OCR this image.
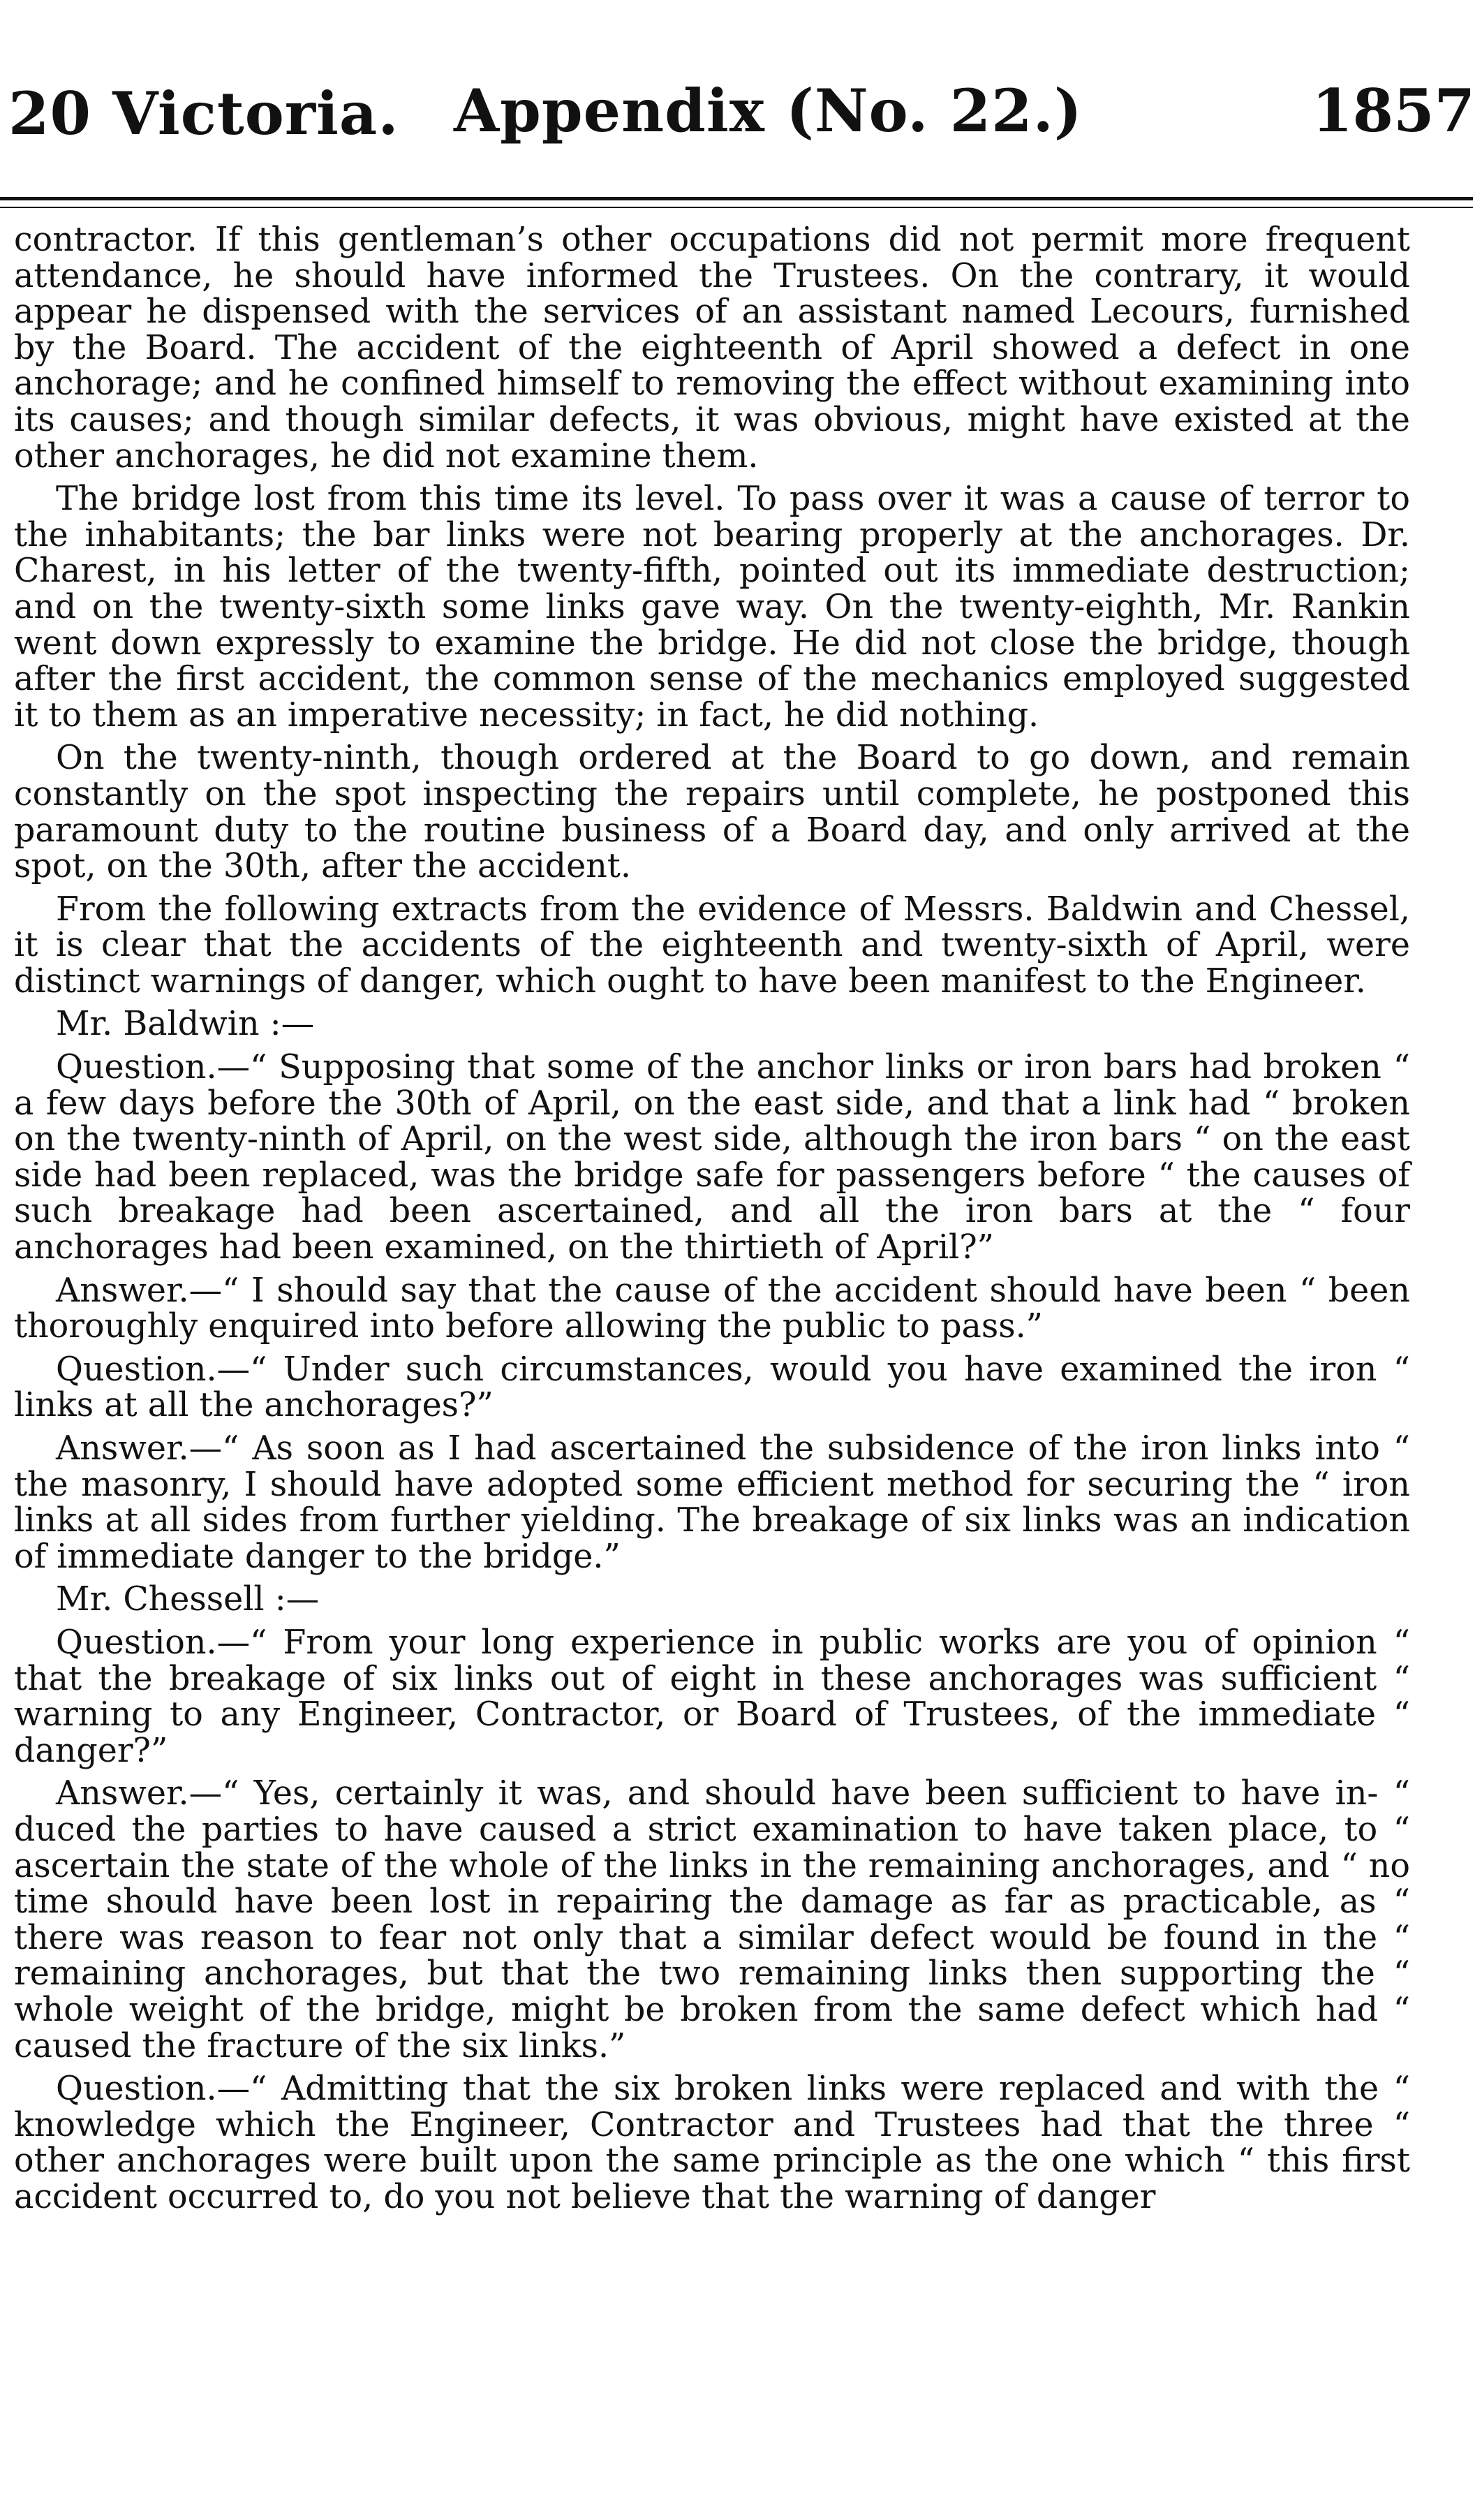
20 Victoria. Appendix (No. 22.)	1857

contractor. If this gentleman’s other occupations did not permit more frequent attendance, he should have informed the Trustees. On the contrary, it would appear he dispensed with the services of an assistant named Lecours, furnished by the Board. The accident of the eighteenth of April showed a defect in one anchorage; and he confined himself to removing the effect without examining into its causes; and though similar defects, it was obvious, might have existed at the other anchorages, he did not examine them.

The bridge lost from this time its level. To pass over it was a cause of terror to the inhabitants; the bar links were not bearing properly at the anchorages. Dr. Charest, in his letter of the twenty-fifth, pointed out its immediate destruction; and on the twenty-sixth some links gave way. On the twenty-eighth, Mr. Rankin went down expressly to examine the bridge. He did not close the bridge, though after the first accident, the common sense of the mechanics employed suggested it to them as an imperative necessity; in fact, he did nothing.

On the twenty-ninth, though ordered at the Board to go down, and remain constantly on the spot inspecting the repairs until complete, he postponed this paramount duty to the routine business of a Board day, and only arrived at the spot, on the 30th, after the accident.

From the following extracts from the evidence of Messrs. Baldwin and Chessel, it is clear that the accidents of the eighteenth and twenty-sixth of April, were distinct warnings of danger, which ought to have been manifest to the Engineer.

Mr. Baldwin :—

Question.—“ Supposing that some of the anchor links or iron bars had broken “ a few days before the 30th of April, on the east side, and that a link had “ broken on the twenty-ninth of April, on the west side, although the iron bars “ on the east side had been replaced, was the bridge safe for passengers before “ the causes of such breakage had been ascertained, and all the iron bars at the “ four anchorages had been examined, on the thirtieth of April?”

Answer.—“ I should say that the cause of the accident should have been “ been thoroughly enquired into before allowing the public to pass.”

Question.—“ Under such circumstances, would you have examined the iron “ links at all the anchorages?”

Answer.—“ As soon as I had ascertained the subsidence of the iron links into “ the masonry, I should have adopted some efficient method for securing the “ iron links at all sides from further yielding. The breakage of six links was an indication of immediate danger to the bridge.”

Mr. Chessell :—

Question.—“ From your long experience in public works are you of opinion “ that the breakage of six links out of eight in these anchorages was sufficient “ warning to any Engineer, Contractor, or Board of Trustees, of the immediate “ danger?”

Answer.—“ Yes, certainly it was, and should have been sufficient to have in- “ duced the parties to have caused a strict examination to have taken place, to “ ascertain the state of the whole of the links in the remaining anchorages, and “ no time should have been lost in repairing the damage as far as practicable, as “ there was reason to fear not only that a similar defect would be found in the “ remaining anchorages, but that the two remaining links then supporting the “ whole weight of the bridge, might be broken from the same defect which had “ caused the fracture of the six links.”

Question.—“ Admitting that the six broken links were replaced and with the “ knowledge which the Engineer, Contractor and Trustees had that the three “ other anchorages were built upon the same principle as the one which “ this first accident occurred to, do you not believe that the warning of danger
